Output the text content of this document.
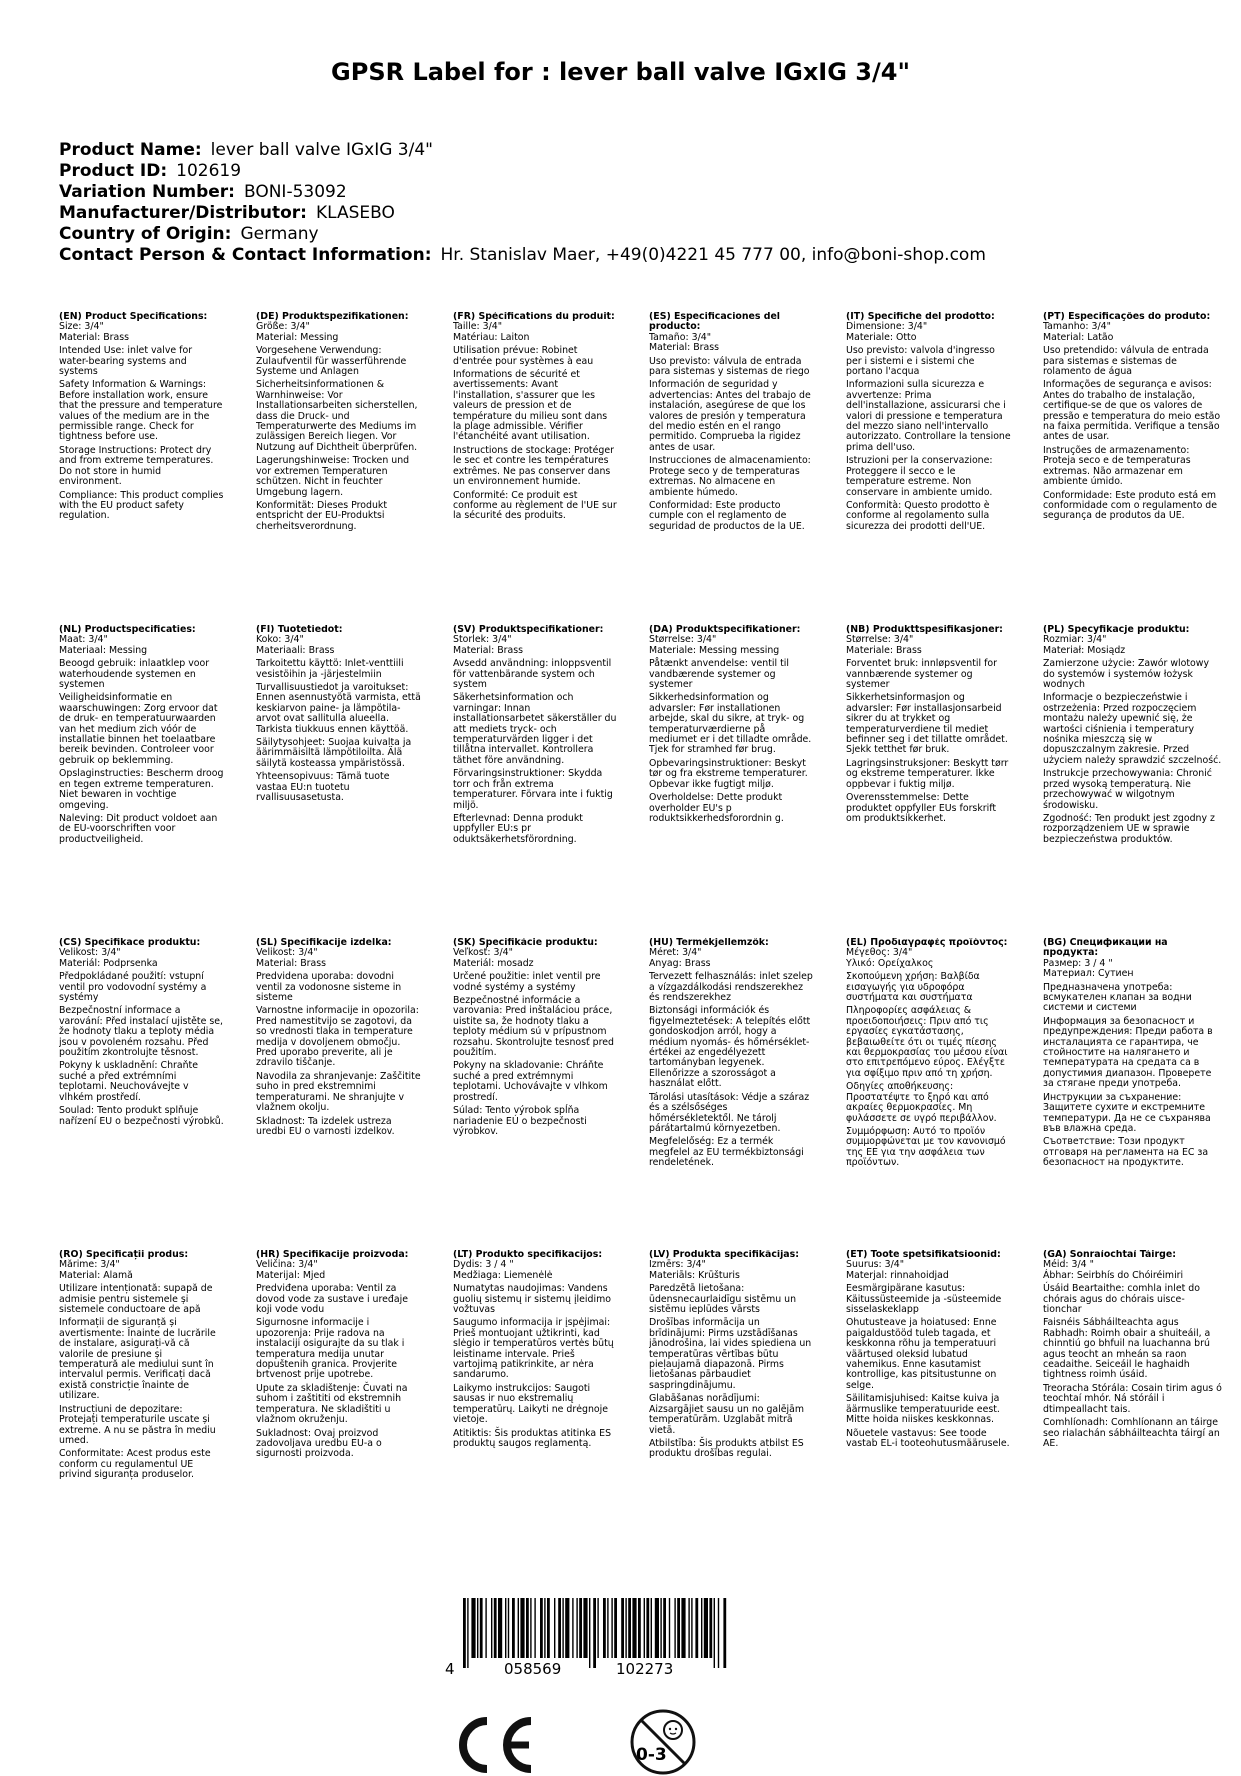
GPSR Label for : lever ball valve IGxIG 3/4"
Product Name: lever ball valve IGxIG 3/4"
Product ID: 102619
Variation Number: BONI-53092
Manufacturer/Distributor: KLASEBO
Country of Origin: Germany
Contact Person & Contact Information: Hr. Stanislav Maer, +49(0)4221 45 777 00, info@boni-shop.com
(EN) Product Specifications:
Size: 3/4"
Material: Brass
Intended Use: inlet valve for water-bearing systems and systems
Safety Information & Warnings: Before installation work, ensure that the pressure and temperature values of the medium are in the permissible range. Check for tightness before use.
Storage Instructions: Protect dry and from extreme temperatures. Do not store in humid environment.
Compliance: This product complies with the EU product safety regulation.
(DE) Produktspezifikationen:
Größe: 3/4"
Material: Messing
Vorgesehene Verwendung: Zulaufventil für wasserführende Systeme und Anlagen
Sicherheitsinformationen & Warnhinweise: Vor Installationsarbeiten sicherstellen, dass die Druck- und Temperaturwerte des Mediums im zulässigen Bereich liegen. Vor Nutzung auf Dichtheit überprüfen.
Lagerungshinweise: Trocken und vor extremen Temperaturen schützen. Nicht in feuchter Umgebung lagern.
Konformität: Dieses Produkt entspricht der EU-Produktsi cherheitsverordnung.
(FR) Spécifications du produit:
Taille: 3/4"
Matériau: Laiton
Utilisation prévue: Robinet d'entrée pour systèmes à eau
Informations de sécurité et avertissements: Avant l'installation, s'assurer que les valeurs de pression et de température du milieu sont dans la plage admissible. Vérifier l'étanchéité avant utilisation.
Instructions de stockage: Protéger le sec et contre les températures extrêmes. Ne pas conserver dans un environnement humide.
Conformité: Ce produit est conforme au règlement de l'UE sur la sécurité des produits.
(ES) Especificaciones del producto:
Tamaño: 3/4"
Material: Brass
Uso previsto: válvula de entrada para sistemas y sistemas de riego
Información de seguridad y advertencias: Antes del trabajo de instalación, asegúrese de que los valores de presión y temperatura del medio estén en el rango permitido. Comprueba la rigidez antes de usar.
Instrucciones de almacenamiento: Protege seco y de temperaturas extremas. No almacene en ambiente húmedo.
Conformidad: Este producto cumple con el reglamento de seguridad de productos de la UE.
(IT) Specifiche del prodotto:
Dimensione: 3/4"
Materiale: Otto
Uso previsto: valvola d'ingresso per i sistemi e i sistemi che portano l'acqua
Informazioni sulla sicurezza e avvertenze: Prima dell'installazione, assicurarsi che i valori di pressione e temperatura del mezzo siano nell'intervallo autorizzato. Controllare la tensione prima dell'uso.
Istruzioni per la conservazione: Proteggere il secco e le temperature estreme. Non conservare in ambiente umido.
Conformità: Questo prodotto è conforme al regolamento sulla sicurezza dei prodotti dell'UE.
(PT) Especificações do produto:
Tamanho: 3/4"
Material: Latão
Uso pretendido: válvula de entrada para sistemas e sistemas de rolamento de água
Informações de segurança e avisos: Antes do trabalho de instalação, certifique-se de que os valores de pressão e temperatura do meio estão na faixa permitida. Verifique a tensão antes de usar.
Instruções de armazenamento: Proteja seco e de temperaturas extremas. Não armazenar em ambiente úmido.
Conformidade: Este produto está em conformidade com o regulamento de segurança de produtos da UE.
(NL) Productspecificaties:
Maat: 3/4"
Materiaal: Messing
Beoogd gebruik: inlaatklep voor waterhoudende systemen en systemen
Veiligheidsinformatie en waarschuwingen: Zorg ervoor dat de druk- en temperatuurwaarden van het medium zich vóór de installatie binnen het toelaatbare bereik bevinden. Controleer voor gebruik op beklemming.
Opslaginstructies: Bescherm droog en tegen extreme temperaturen. Niet bewaren in vochtige omgeving.
Naleving: Dit product voldoet aan de EU-voorschriften voor productveiligheid.
(FI) Tuotetiedot:
Koko: 3/4"
Materiaali: Brass
Tarkoitettu käyttö: Inlet-venttiili vesistöihin ja -järjestelmiin
Turvallisuustiedot ja varoitukset: Ennen asennustyötä varmista, että keskiarvon paine- ja lämpötila-arvot ovat sallitulla alueella. Tarkista tiukkuus ennen käyttöä.
Säilytysohjeet: Suojaa kuivalta ja äärimmäisiltä lämpötiloilta. Älä säilytä kosteassa ympäristössä.
Yhteensopivuus: Tämä tuote vastaa EU:n tuotetu rvallisuusasetusta.
(SV) Produktspecifikationer:
Storlek: 3/4"
Material: Brass
Avsedd användning: inloppsventil för vattenbärande system och system
Säkerhetsinformation och varningar: Innan installationsarbetet säkerställer du att mediets tryck- och temperaturvärden ligger i det tillåtna intervallet. Kontrollera täthet före användning.
Förvaringsinstruktioner: Skydda torr och från extrema temperaturer. Förvara inte i fuktig miljö.
Efterlevnad: Denna produkt uppfyller EU:s pr oduktsäkerhetsförordning.
(DA) Produktspecifikationer:
Størrelse: 3/4"
Materiale: Messing messing
Påtænkt anvendelse: ventil til vandbærende systemer og systemer
Sikkerhedsinformation og advarsler: Før installationen arbejde, skal du sikre, at tryk- og temperaturværdierne på mediumet er i det tilladte område. Tjek for stramhed før brug.
Opbevaringsinstruktioner: Beskyt tør og fra ekstreme temperaturer. Opbevar ikke fugtigt miljø.
Overholdelse: Dette produkt overholder EU's p roduktsikkerhedsforordnin g.
(NB) Produkttspesifikasjoner:
Størrelse: 3/4"
Materiale: Brass
Forventet bruk: innløpsventil for vannbærende systemer og systemer
Sikkerhetsinformasjon og advarsler: Før installasjonsarbeid sikrer du at trykket og temperaturverdiene til mediet befinner seg i det tillatte området. Sjekk tetthet før bruk.
Lagringsinstruksjoner: Beskytt tørr og ekstreme temperaturer. Ikke oppbevar i fuktig miljø.
Overensstemmelse: Dette produktet oppfyller EUs forskrift om produktsikkerhet.
(PL) Specyfikacje produktu:
Rozmiar: 3/4"
Materiał: Mosiądz
Zamierzone użycie: Zawór wlotowy do systemów i systemów łożysk wodnych
Informacje o bezpieczeństwie i ostrzeżenia: Przed rozpoczęciem montażu należy upewnić się, że wartości ciśnienia i temperatury nośnika mieszczą się w dopuszczalnym zakresie. Przed użyciem należy sprawdzić szczelność.
Instrukcje przechowywania: Chronić przed wysoką temperaturą. Nie przechowywać w wilgotnym środowisku.
Zgodność: Ten produkt jest zgodny z rozporządzeniem UE w sprawie bezpieczeństwa produktów.
(CS) Specifikace produktu:
Velikost: 3/4"
Materiál: Podprsenka
Předpokládané použití: vstupní ventil pro vodovodní systémy a systémy
Bezpečnostní informace a varování: Před instalací ujistěte se, že hodnoty tlaku a teploty média jsou v povoleném rozsahu. Před použitím zkontrolujte těsnost.
Pokyny k uskladnění: Chraňte suché a před extrémními teplotami. Neuchovávejte v vlhkém prostředí.
Soulad: Tento produkt splňuje nařízení EU o bezpečnosti výrobků.
(SL) Specifikacije izdelka:
Velikost: 3/4"
Material: Brass
Predvidena uporaba: dovodni ventil za vodonosne sisteme in sisteme
Varnostne informacije in opozorila: Pred namestitvijo se zagotovi, da so vrednosti tlaka in temperature medija v dovoljenem območju. Pred uporabo preverite, ali je zdravilo tiščanje.
Navodila za shranjevanje: Zaščitite suho in pred ekstremnimi temperaturami. Ne shranjujte v vlažnem okolju.
Skladnost: Ta izdelek ustreza uredbi EU o varnosti izdelkov.
(SK) Špecifikácie produktu:
Veľkosť: 3/4"
Materiál: mosadz
Určené použitie: inlet ventil pre vodné systémy a systémy
Bezpečnostné informácie a varovania: Pred inštaláciou práce, uistite sa, že hodnoty tlaku a teploty médium sú v prípustnom rozsahu. Skontrolujte tesnosť pred použitím.
Pokyny na skladovanie: Chráňte suché a pred extrémnymi teplotami. Uchovávajte v vlhkom prostredí.
Súlad: Tento výrobok spĺňa nariadenie EÚ o bezpečnosti výrobkov.
(HU) Termékjellemzők:
Méret: 3/4"
Anyag: Brass
Tervezett felhasználás: inlet szelep a vízgazdálkodási rendszerekhez és rendszerekhez
Biztonsági információk és figyelmeztetések: A telepítés előtt gondoskodjon arról, hogy a médium nyomás- és hőmérséklet-értékei az engedélyezett tartományban legyenek. Ellenőrizze a szorosságot a használat előtt.
Tárolási utasítások: Védje a száraz és a szélsőséges hőmérsékletektől. Ne tárolj párátartalmú környezetben.
Megfelelőség: Ez a termék megfelel az EU termékbiztonsági rendeletének.
(EL) Προδιαγραφές προϊόντος:
Μέγεθος: 3/4"
Υλικό: Ορείχαλκος
Σκοπούμενη χρήση: Βαλβίδα εισαγωγής για υδροφόρα συστήματα και συστήματα
Πληροφορίες ασφάλειας & προειδοποιήσεις: Πριν από τις εργασίες εγκατάστασης, βεβαιωθείτε ότι οι τιμές πίεσης και θερμοκρασίας του μέσου είναι στο επιτρεπόμενο εύρος. Ελέγξτε για σφίξιμο πριν από τη χρήση.
Οδηγίες αποθήκευσης: Προστατέψτε το ξηρό και από ακραίες θερμοκρασίες. Μη φυλάσσετε σε υγρό περιβάλλον.
Συμμόρφωση: Αυτό το προϊόν συμμορφώνεται με τον κανονισμό της ΕΕ για την ασφάλεια των προϊόντων.
(BG) Спецификации на продукта:
Размер: 3 / 4 "
Материал: Сутиен
Предназначена употреба: всмукателен клапан за водни системи и системи
Информация за безопасност и предупреждения: Преди работа в инсталацията се гарантира, че стойностите на налягането и температурата на средата са в допустимия диапазон. Проверете за стягане преди употреба.
Инструкции за съхранение: Защитете сухите и екстремните температури. Да не се съхранява във влажна среда.
Съответствие: Този продукт отговаря на регламента на ЕС за безопасност на продуктите.
(RO) Specificații produs:
Mărime: 3/4"
Material: Alamă
Utilizare intenționată: supapă de admisie pentru sistemele și sistemele conductoare de apă
Informații de siguranță și avertismente: Înainte de lucrările de instalare, asigurați-vă că valorile de presiune și temperatură ale mediului sunt în intervalul permis. Verificați dacă există constricție înainte de utilizare.
Instrucțiuni de depozitare: Protejați temperaturile uscate și extreme. A nu se păstra în mediu umed.
Conformitate: Acest produs este conform cu regulamentul UE privind siguranța produselor.
(HR) Specifikacije proizvoda:
Veličina: 3/4"
Materijal: Mjed
Predviđena uporaba: Ventil za dovod vode za sustave i uređaje koji vode vodu
Sigurnosne informacije i upozorenja: Prije radova na instalaciji osigurajte da su tlak i temperatura medija unutar dopuštenih granica. Provjerite brtvenost prije upotrebe.
Upute za skladištenje: Čuvati na suhom i zaštititi od ekstremnih temperatura. Ne skladištiti u vlažnom okruženju.
Sukladnost: Ovaj proizvod zadovoljava uredbu EU-a o sigurnosti proizvoda.
(LT) Produkto specifikacijos:
Dydis: 3 / 4 "
Medžiaga: Liemenėlė
Numatytas naudojimas: Vandens guolių sistemų ir sistemų įleidimo vožtuvas
Saugumo informacija ir įspėjimai: Prieš montuojant užtikrinti, kad slėgio ir temperatūros vertės būtų leistiname intervale. Prieš vartojimą patikrinkite, ar nėra sandarumo.
Laikymo instrukcijos: Saugoti sausas ir nuo ekstremalių temperatūrų. Laikyti ne drėgnoje vietoje.
Atitiktis: Šis produktas atitinka ES produktų saugos reglamentą.
(LV) Produkta specifikācijas:
Izmērs: 3/4"
Materiāls: Krūšturis
Paredzētā lietošana: ūdensnecaurlaidīgu sistēmu un sistēmu ieplūdes vārsts
Drošības informācija un brīdinājumi: Pirms uzstādīšanas jānodrošina, lai vides spiediena un temperatūras vērtības būtu pieļaujamā diapazonā. Pirms lietošanas pārbaudiet saspringdinājumu.
Glabāšanas norādījumi: Aizsargājiet sausu un no galējām temperatūrām. Uzglabāt mitrā vietā.
Atbilstība: Šis produkts atbilst ES produktu drošības regulai.
(ET) Toote spetsifikatsioonid:
Suurus: 3/4"
Materjal: rinnahoidjad
Eesmärgipärane kasutus: Käitussüsteemide ja -süsteemide sisselaskeklapp
Ohutusteave ja hoiatused: Enne paigaldustööd tuleb tagada, et keskkonna rõhu ja temperatuuri väärtused oleksid lubatud vahemikus. Enne kasutamist kontrollige, kas pitsitustunne on selge.
Säilitamisjuhised: Kaitse kuiva ja äärmuslike temperatuuride eest. Mitte hoida niiskes keskkonnas.
Nõuetele vastavus: See toode vastab EL-i tooteohutusmäärusele.
(GA) Sonraíochtaí Táirge:
Méid: 3/4 "
Ábhar: Seirbhís do Chóiréimiri
Úsáid Beartaithe: comhla inlet do chórais agus do chórais uisce-tionchar
Faisnéis Sábháilteachta agus Rabhadh: Roimh obair a shuiteáil, a chinntiú go bhfuil na luachanna brú agus teocht an mheán sa raon ceadaithe. Seiceáil le haghaidh tightness roimh úsáid.
Treoracha Stórála: Cosain tirim agus ó teochtaí mhór. Ná stóráil i dtimpeallacht tais.
Comhlíonadh: Comhlíonann an táirge seo rialachán sábháilteachta táirgí an AE.
4	058569	102273
0-3
